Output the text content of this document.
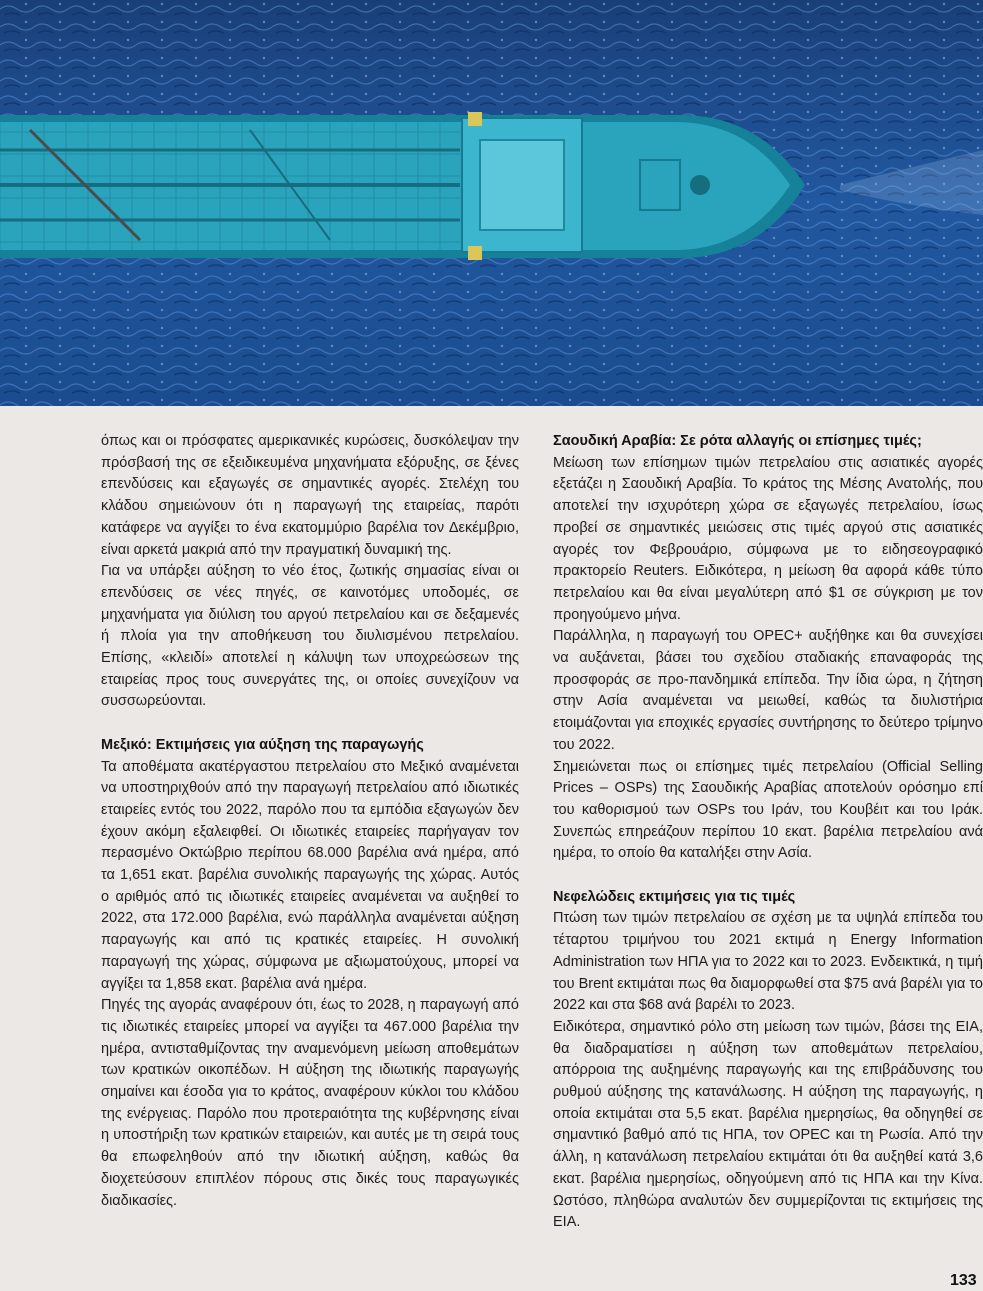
όπως και οι πρόσφατες αμερικανικές κυρώσεις, δυσκόλεψαν την πρόσβασή της σε εξειδικευμένα μηχανήματα εξόρυξης, σε ξένες επενδύσεις και εξαγωγές σε σημαντικές αγορές. Στελέχη του κλάδου σημειώνουν ότι η παραγωγή της εταιρείας, παρότι κατάφερε να αγγίξει το ένα εκατομμύριο βαρέλια τον Δεκέμβριο, είναι αρκετά μακριά από την πραγματική δυναμική της.

Για να υπάρξει αύξηση το νέο έτος, ζωτικής σημασίας είναι οι επενδύσεις σε νέες πηγές, σε καινοτόμες υποδομές, σε μηχανήματα για διύλιση του αργού πετρελαίου και σε δεξαμενές ή πλοία για την αποθήκευση του διυλισμένου πετρελαίου. Επίσης, «κλειδί» αποτελεί η κάλυψη των υποχρεώσεων της εταιρείας προς τους συνεργάτες της, οι οποίες συνεχίζουν να συσσωρεύονται.

Μεξικό: Εκτιμήσεις για αύξηση της παραγωγής

Τα αποθέματα ακατέργαστου πετρελαίου στο Μεξικό αναμένεται να υποστηριχθούν από την παραγωγή πετρελαίου από ιδιωτικές εταιρείες εντός του 2022, παρόλο που τα εμπόδια εξαγωγών δεν έχουν ακόμη εξαλειφθεί. Οι ιδιωτικές εταιρείες παρήγαγαν τον περασμένο Οκτώβριο περίπου 68.000 βαρέλια ανά ημέρα, από τα 1,651 εκατ. βαρέλια συνολικής παραγωγής της χώρας. Αυτός ο αριθμός από τις ιδιωτικές εταιρείες αναμένεται να αυξηθεί το 2022, στα 172.000 βαρέλια, ενώ παράλληλα αναμένεται αύξηση παραγωγής και από τις κρατικές εταιρείες. Η συνολική παραγωγή της χώρας, σύμφωνα με αξιωματούχους, μπορεί να αγγίξει τα 1,858 εκατ. βαρέλια ανά ημέρα.

Πηγές της αγοράς αναφέρουν ότι, έως το 2028, η παραγωγή από τις ιδιωτικές εταιρείες μπορεί να αγγίξει τα 467.000 βαρέλια την ημέρα, αντισταθμίζοντας την αναμενόμενη μείωση αποθεμάτων των κρατικών οικοπέδων. Η αύξηση της ιδιωτικής παραγωγής σημαίνει και έσοδα για το κράτος, αναφέρουν κύκλοι του κλάδου της ενέργειας. Παρόλο που προτεραιότητα της κυβέρνησης είναι η υποστήριξη των κρατικών εταιρειών, και αυτές με τη σειρά τους θα επωφεληθούν από την ιδιωτική αύξηση, καθώς θα διοχετεύσουν επιπλέον πόρους στις δικές τους παραγωγικές διαδικασίες.

Σαουδική Αραβία: Σε ρότα αλλαγής οι επίσημες τιμές;

Μείωση των επίσημων τιμών πετρελαίου στις ασιατικές αγορές εξετάζει η Σαουδική Αραβία. Το κράτος της Μέσης Ανατολής, που αποτελεί την ισχυρότερη χώρα σε εξαγωγές πετρελαίου, ίσως προβεί σε σημαντικές μειώσεις στις τιμές αργού στις ασιατικές αγορές τον Φεβρουάριο, σύμφωνα με το ειδησεογραφικό πρακτορείο Reuters. Ειδικότερα, η μείωση θα αφορά κάθε τύπο πετρελαίου και θα είναι μεγαλύτερη από $1 σε σύγκριση με τον προηγούμενο μήνα.

Παράλληλα, η παραγωγή του OPEC+ αυξήθηκε και θα συνεχίσει να αυξάνεται, βάσει του σχεδίου σταδιακής επαναφοράς της προσφοράς σε προ-πανδημικά επίπεδα. Την ίδια ώρα, η ζήτηση στην Ασία αναμένεται να μειωθεί, καθώς τα διυλιστήρια ετοιμάζονται για εποχικές εργασίες συντήρησης το δεύτερο τρίμηνο του 2022.

Σημειώνεται πως οι επίσημες τιμές πετρελαίου (Official Selling Prices – OSPs) της Σαουδικής Αραβίας αποτελούν ορόσημο επί του καθορισμού των OSPs του Ιράν, του Κουβέιτ και του Ιράκ. Συνεπώς επηρεάζουν περίπου 10 εκατ. βαρέλια πετρελαίου ανά ημέρα, το οποίο θα καταλήξει στην Ασία.

Νεφελώδεις εκτιμήσεις για τις τιμές

Πτώση των τιμών πετρελαίου σε σχέση με τα υψηλά επίπεδα του τέταρτου τριμήνου του 2021 εκτιμά η Energy Information Administration των ΗΠΑ για το 2022 και το 2023. Ενδεικτικά, η τιμή του Brent εκτιμάται πως θα διαμορφωθεί στα $75 ανά βαρέλι για το 2022 και στα $68 ανά βαρέλι το 2023.

Ειδικότερα, σημαντικό ρόλο στη μείωση των τιμών, βάσει της EIA, θα διαδραματίσει η αύξηση των αποθεμάτων πετρελαίου, απόρροια της αυξημένης παραγωγής και της επιβράδυνσης του ρυθμού αύξησης της κατανάλωσης. Η αύξηση της παραγωγής, η οποία εκτιμάται στα 5,5 εκατ. βαρέλια ημερησίως, θα οδηγηθεί σε σημαντικό βαθμό από τις ΗΠΑ, τον OPEC και τη Ρωσία. Από την άλλη, η κατανάλωση πετρελαίου εκτιμάται ότι θα αυξηθεί κατά 3,6 εκατ. βαρέλια ημερησίως, οδηγούμενη από τις ΗΠΑ και την Κίνα. Ωστόσο, πληθώρα αναλυτών δεν συμμερίζονται τις εκτιμήσεις της EIA.

133
